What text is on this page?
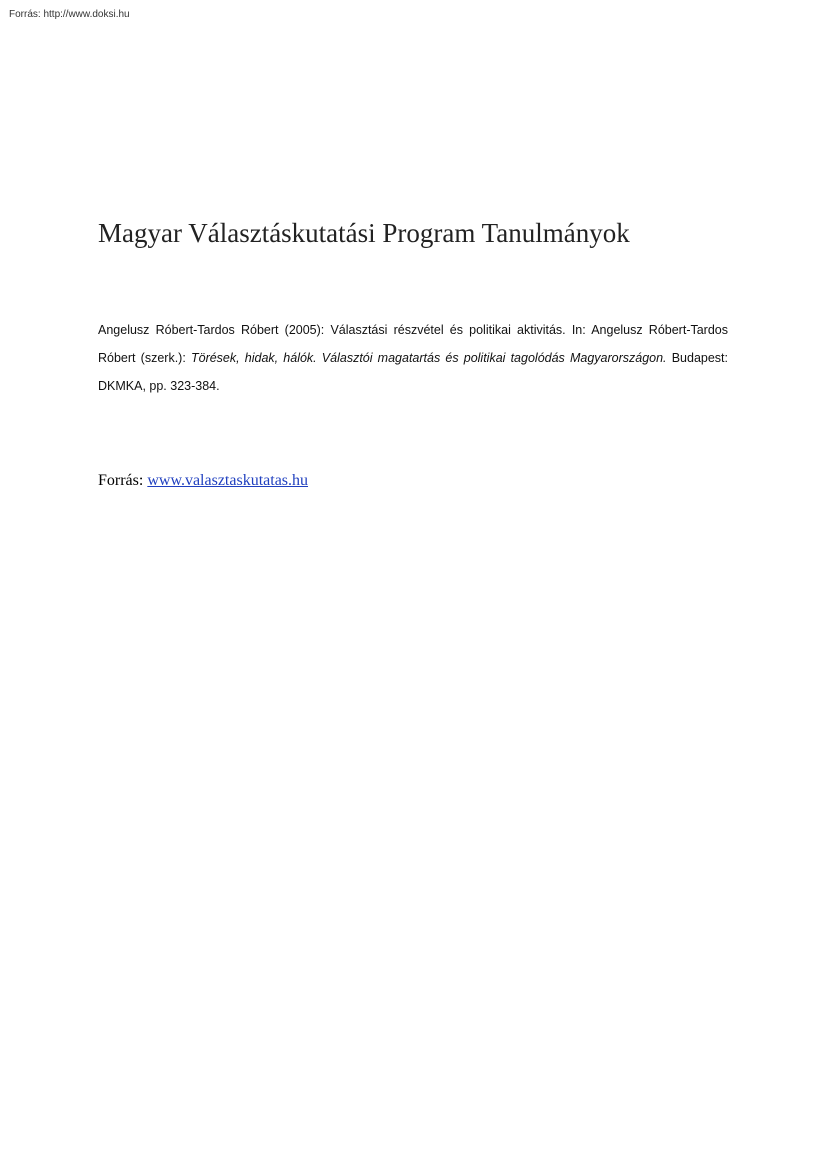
Forrás: http://www.doksi.hu
Magyar Választáskutatási Program Tanulmányok

Angelusz Róbert-Tardos Róbert (2005): Választási részvétel és politikai aktivitás. In: Angelusz Róbert-Tardos Róbert (szerk.): Törések, hidak, hálók. Választói magatartás és politikai tagolódás Magyarországon. Budapest: DKMKA, pp. 323-384.

Forrás: www.valasztaskutatas.hu
